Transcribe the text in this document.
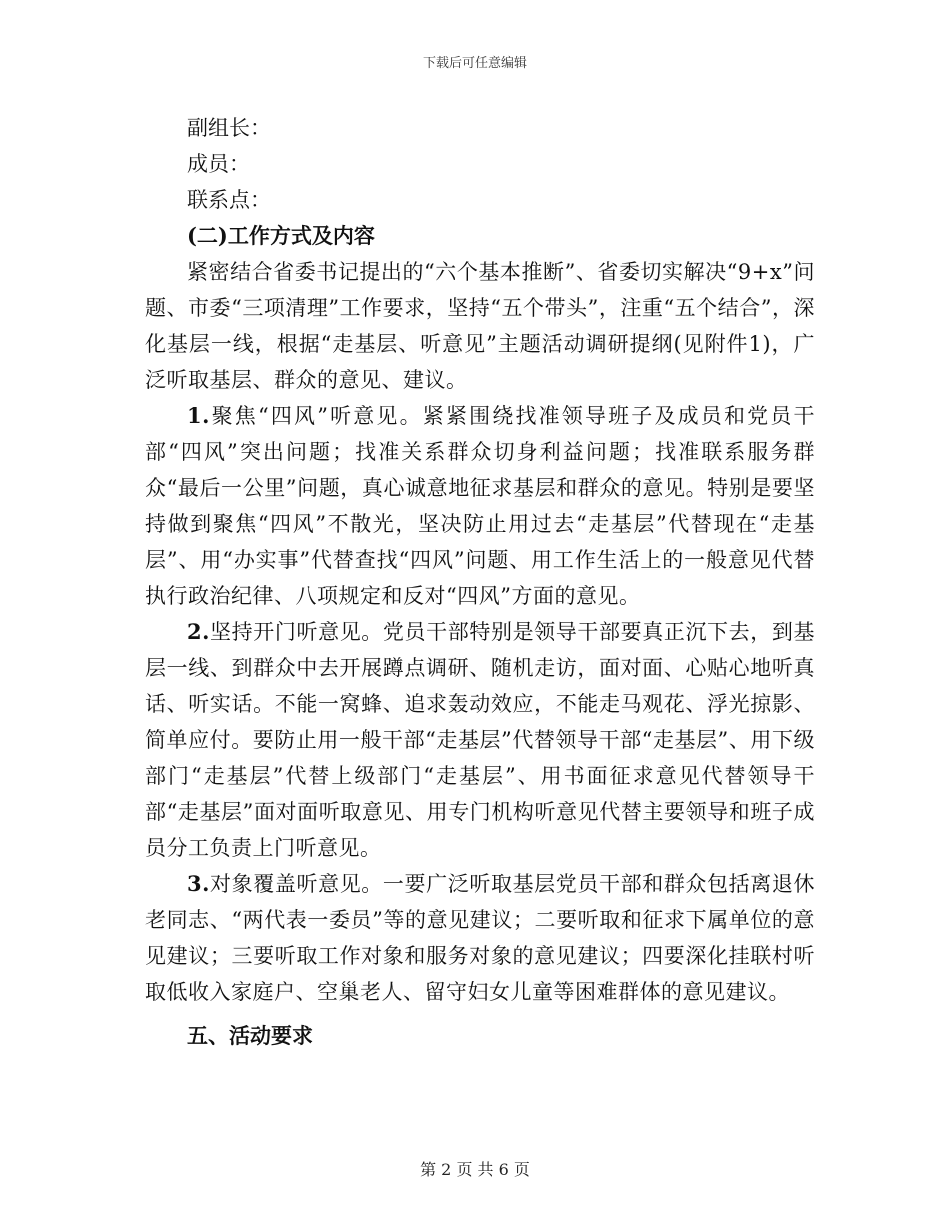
下载后可任意编辑

副组长：

成员：

联系点：

(二)工作方式及内容

紧密结合省委书记提出的“六个基本推断”、省委切实解决“9+x”问题、市委“三项清理”工作要求，坚持“五个带头”，注重“五个结合”，深化基层一线，根据“走基层、听意见”主题活动调研提纲(见附件1)，广泛听取基层、群众的意见、建议。

1.聚焦“四风”听意见。紧紧围绕找准领导班子及成员和党员干部“四风”突出问题；找准关系群众切身利益问题；找准联系服务群众“最后一公里”问题，真心诚意地征求基层和群众的意见。特别是要坚持做到聚焦“四风”不散光，坚决防止用过去“走基层”代替现在“走基层”、用“办实事”代替查找“四风”问题、用工作生活上的一般意见代替执行政治纪律、八项规定和反对“四风”方面的意见。

2.坚持开门听意见。党员干部特别是领导干部要真正沉下去，到基层一线、到群众中去开展蹲点调研、随机走访，面对面、心贴心地听真话、听实话。不能一窝蜂、追求轰动效应，不能走马观花、浮光掠影、简单应付。要防止用一般干部“走基层”代替领导干部“走基层”、用下级部门“走基层”代替上级部门“走基层”、用书面征求意见代替领导干部“走基层”面对面听取意见、用专门机构听意见代替主要领导和班子成员分工负责上门听意见。

3.对象覆盖听意见。一要广泛听取基层党员干部和群众包括离退休老同志、“两代表一委员”等的意见建议；二要听取和征求下属单位的意见建议；三要听取工作对象和服务对象的意见建议；四要深化挂联村听取低收入家庭户、空巢老人、留守妇女儿童等困难群体的意见建议。

五、活动要求

第 2 页 共 6 页
